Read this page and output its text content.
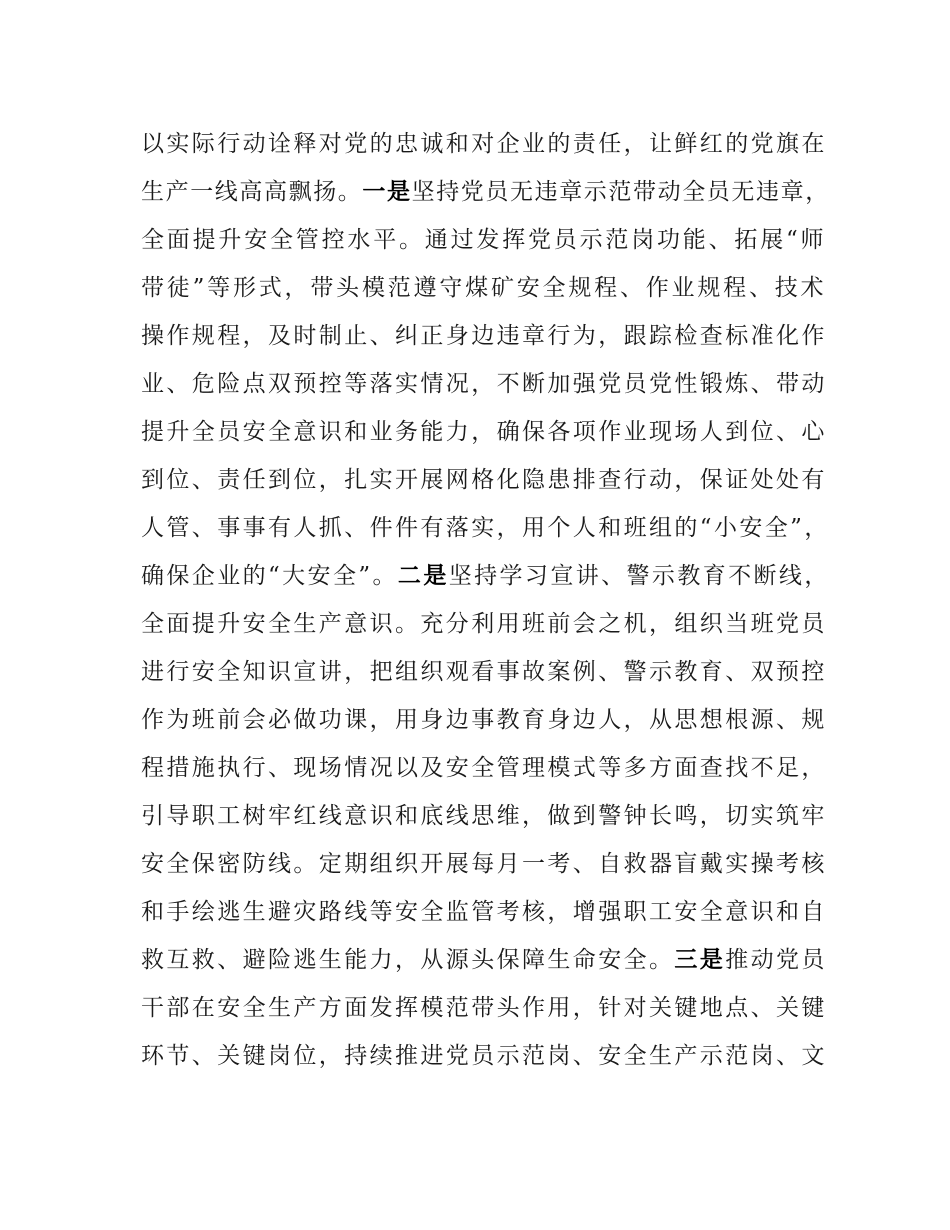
以实际行动诠释对党的忠诚和对企业的责任，让鲜红的党旗在
生产一线高高飘扬。一是坚持党员无违章示范带动全员无违章，
全面提升安全管控水平。通过发挥党员示范岗功能、拓展“师
带徒”等形式，带头模范遵守煤矿安全规程、作业规程、技术
操作规程，及时制止、纠正身边违章行为，跟踪检查标准化作
业、危险点双预控等落实情况，不断加强党员党性锻炼、带动
提升全员安全意识和业务能力，确保各项作业现场人到位、心
到位、责任到位，扎实开展网格化隐患排查行动，保证处处有
人管、事事有人抓、件件有落实，用个人和班组的“小安全”，
确保企业的“大安全”。二是坚持学习宣讲、警示教育不断线，
全面提升安全生产意识。充分利用班前会之机，组织当班党员
进行安全知识宣讲，把组织观看事故案例、警示教育、双预控
作为班前会必做功课，用身边事教育身边人，从思想根源、规
程措施执行、现场情况以及安全管理模式等多方面查找不足，
引导职工树牢红线意识和底线思维，做到警钟长鸣，切实筑牢
安全保密防线。定期组织开展每月一考、自救器盲戴实操考核
和手绘逃生避灾路线等安全监管考核，增强职工安全意识和自
救互救、避险逃生能力，从源头保障生命安全。三是推动党员
干部在安全生产方面发挥模范带头作用，针对关键地点、关键
环节、关键岗位，持续推进党员示范岗、安全生产示范岗、文
